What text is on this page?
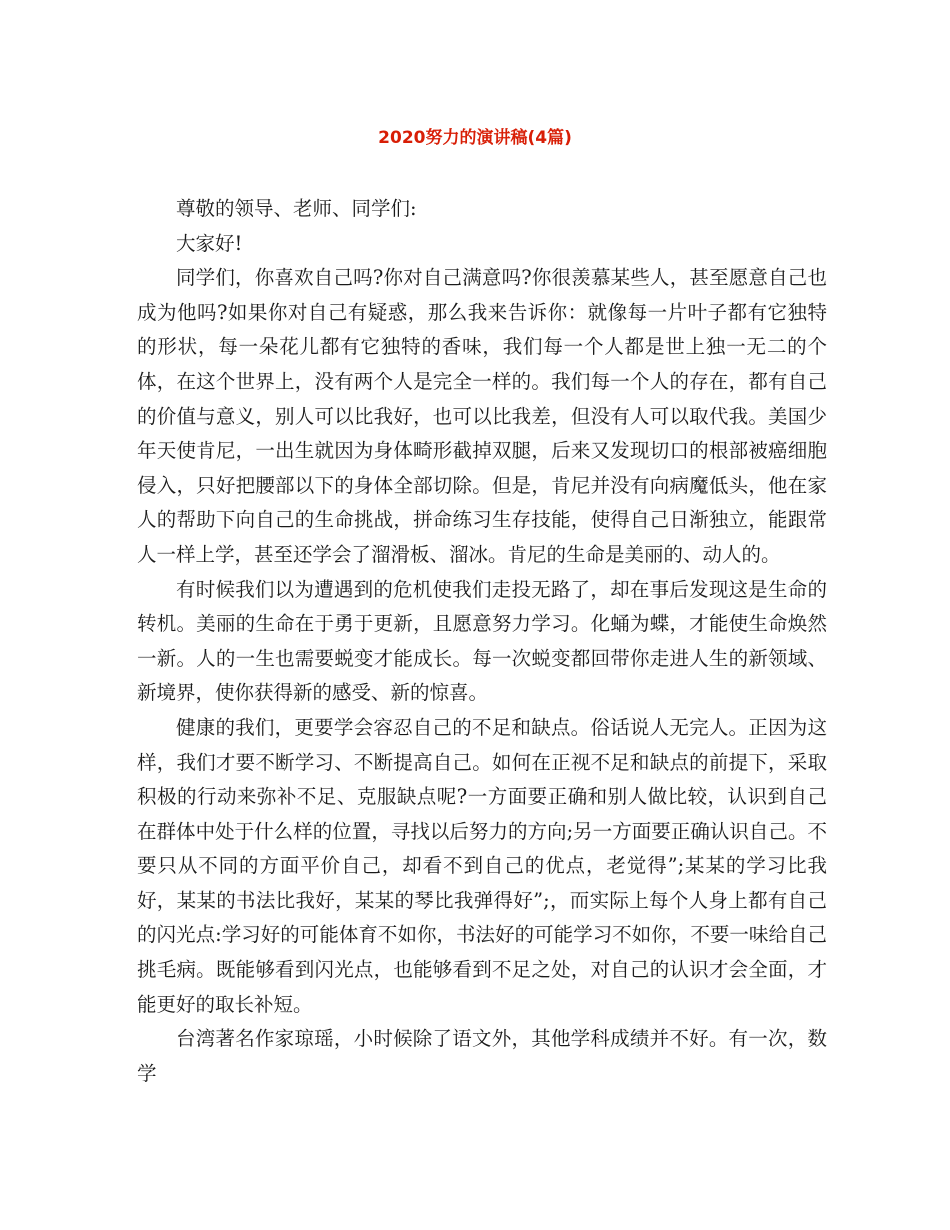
2020努力的演讲稿(4篇)

尊敬的领导、老师、同学们:

大家好!

同学们，你喜欢自己吗?你对自己满意吗?你很羡慕某些人，甚至愿意自己也成为他吗?如果你对自己有疑惑，那么我来告诉你：就像每一片叶子都有它独特的形状，每一朵花儿都有它独特的香味，我们每一个人都是世上独一无二的个体，在这个世界上，没有两个人是完全一样的。我们每一个人的存在，都有自己的价值与意义，别人可以比我好，也可以比我差，但没有人可以取代我。美国少年天使肯尼，一出生就因为身体畸形截掉双腿，后来又发现切口的根部被癌细胞侵入，只好把腰部以下的身体全部切除。但是，肯尼并没有向病魔低头，他在家人的帮助下向自己的生命挑战，拼命练习生存技能，使得自己日渐独立，能跟常人一样上学，甚至还学会了溜滑板、溜冰。肯尼的生命是美丽的、动人的。

有时候我们以为遭遇到的危机使我们走投无路了，却在事后发现这是生命的转机。美丽的生命在于勇于更新，且愿意努力学习。化蛹为蝶，才能使生命焕然一新。人的一生也需要蜕变才能成长。每一次蜕变都回带你走进人生的新领域、新境界，使你获得新的感受、新的惊喜。

健康的我们，更要学会容忍自己的不足和缺点。俗话说人无完人。正因为这样，我们才要不断学习、不断提高自己。如何在正视不足和缺点的前提下，采取积极的行动来弥补不足、克服缺点呢?一方面要正确和别人做比较，认识到自己在群体中处于什么样的位置，寻找以后努力的方向;另一方面要正确认识自己。不要只从不同的方面平价自己，却看不到自己的优点，老觉得”;某某的学习比我好，某某的书法比我好，某某的琴比我弹得好”;，而实际上每个人身上都有自己的闪光点:学习好的可能体育不如你，书法好的可能学习不如你，不要一味给自己挑毛病。既能够看到闪光点，也能够看到不足之处，对自己的认识才会全面，才能更好的取长补短。

台湾著名作家琼瑶，小时候除了语文外，其他学科成绩并不好。有一次，数学
